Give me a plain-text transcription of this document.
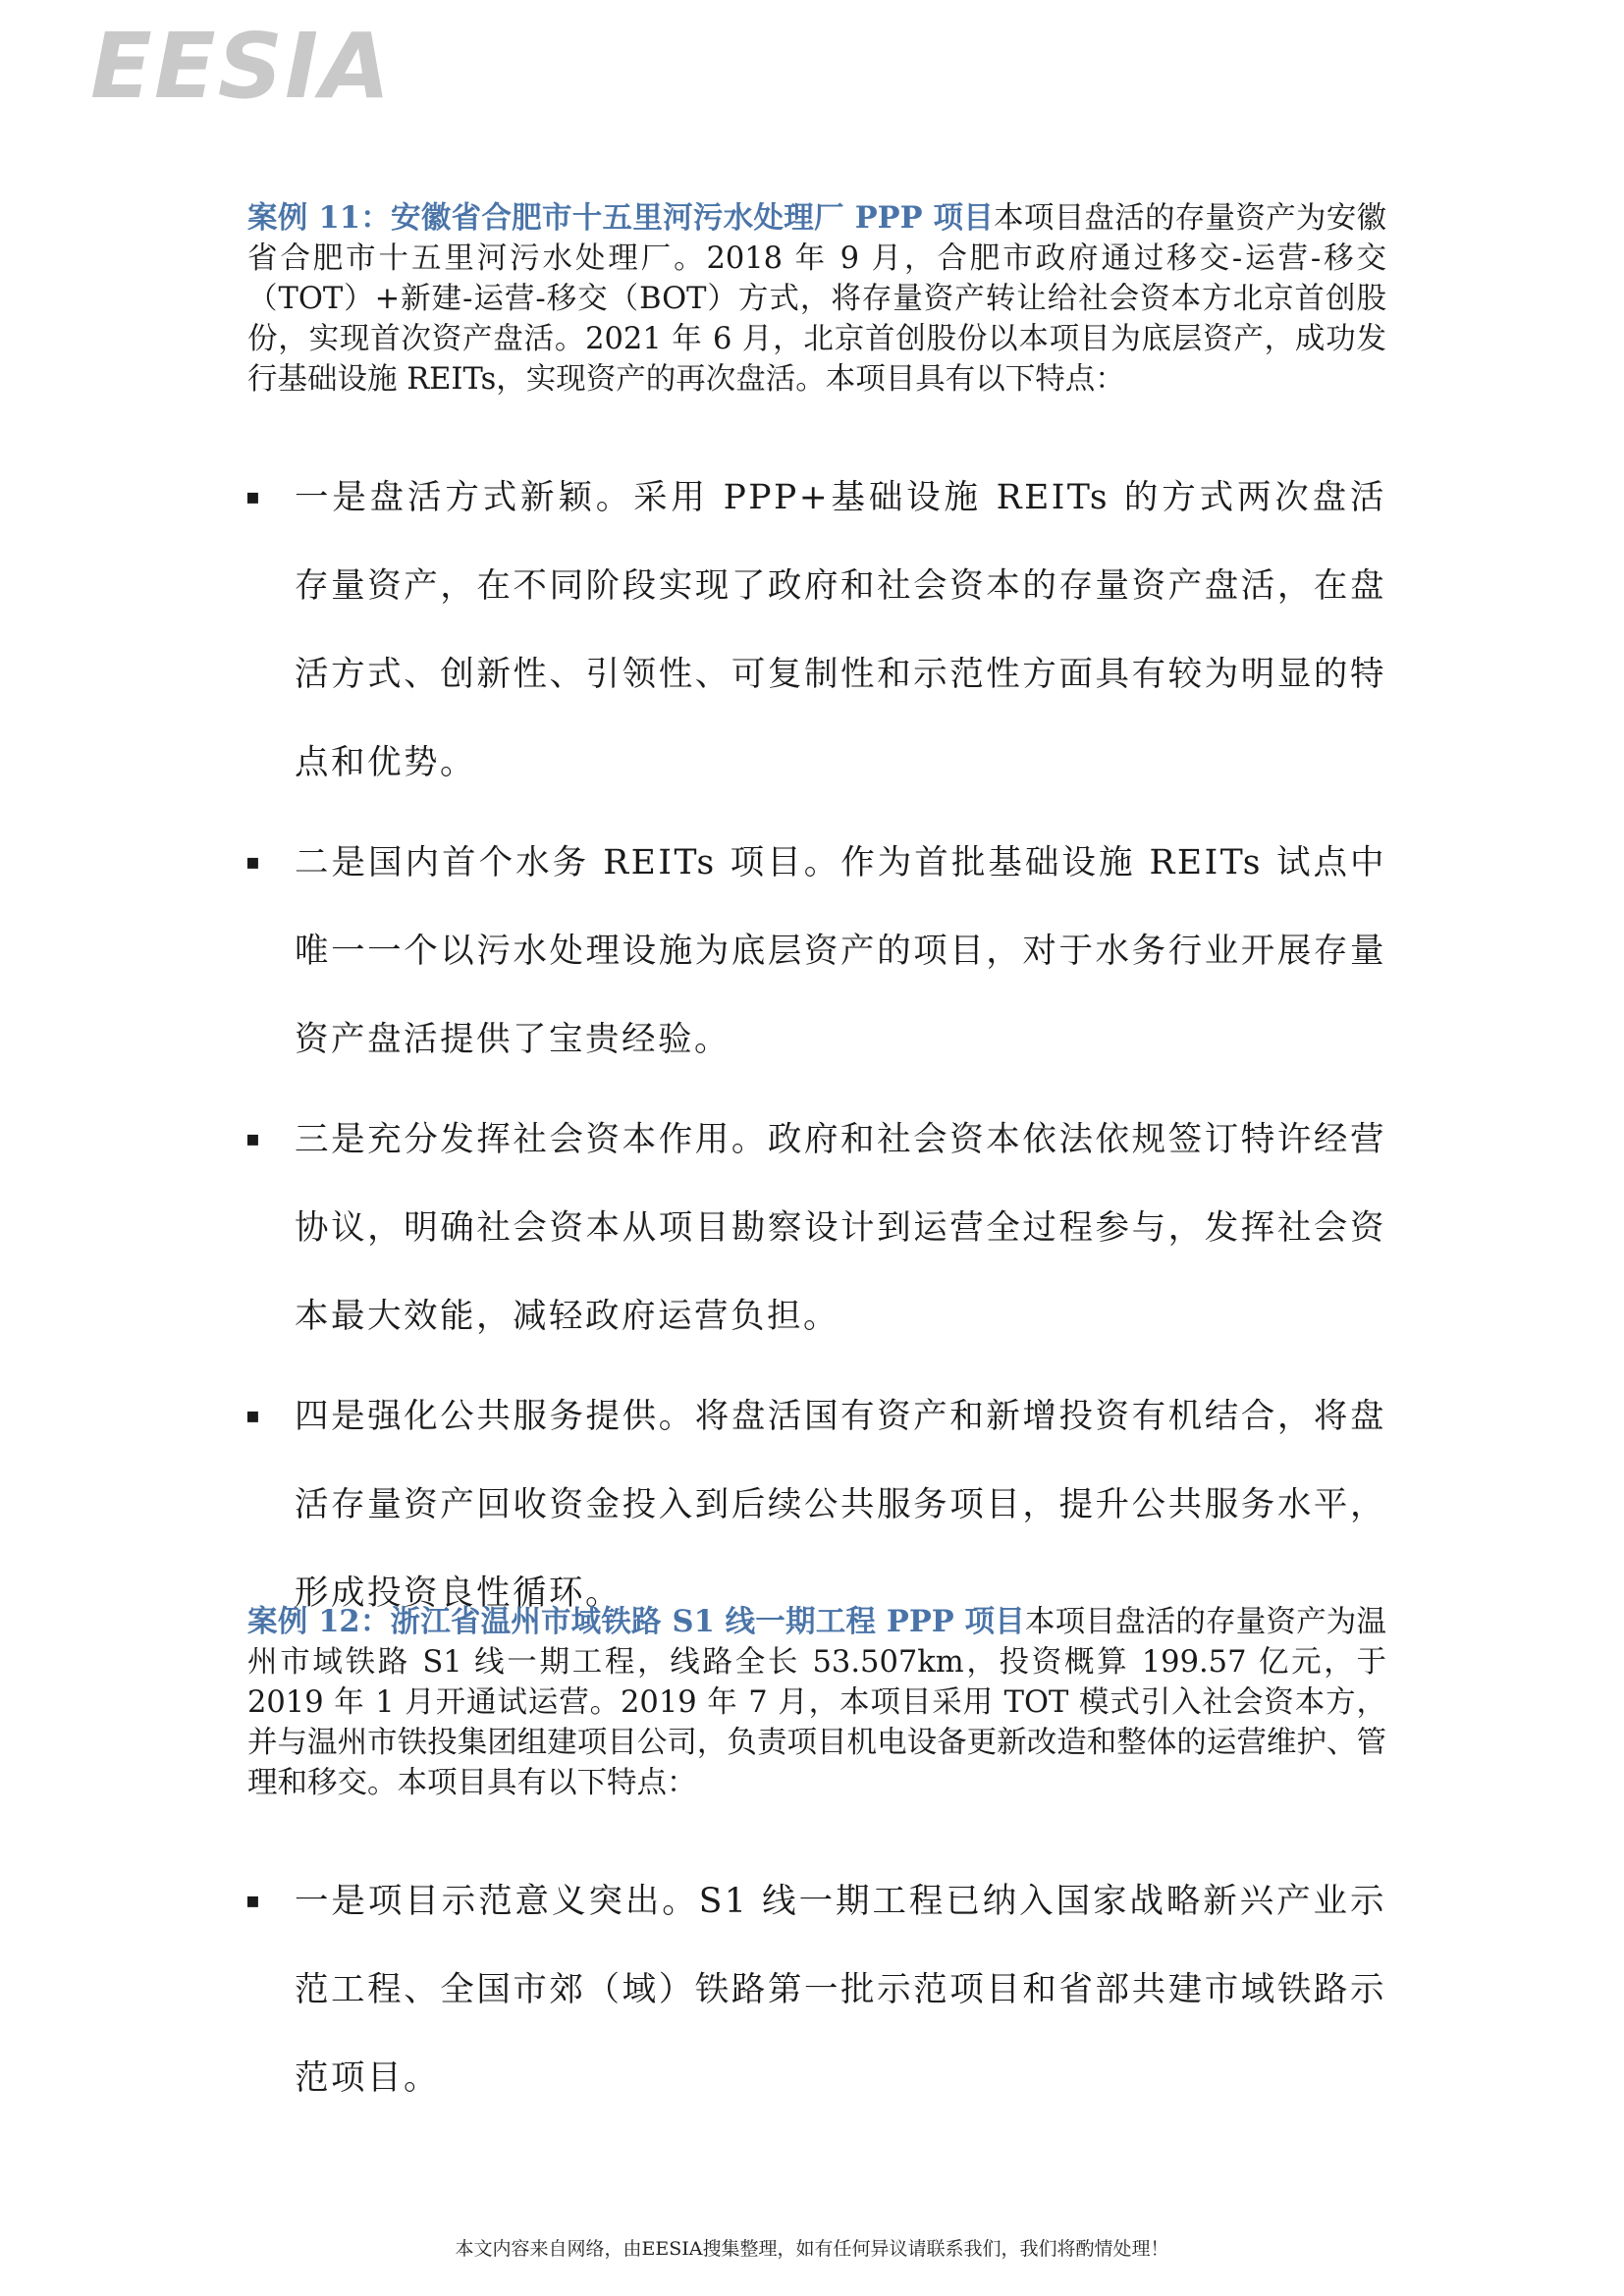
EESIA

案例 11：安徽省合肥市十五里河污水处理厂 PPP 项目本项目盘活的存量资产为安徽省合肥市十五里河污水处理厂。2018 年 9 月，合肥市政府通过移交-运营-移交（TOT）+新建-运营-移交（BOT）方式，将存量资产转让给社会资本方北京首创股份，实现首次资产盘活。2021 年 6 月，北京首创股份以本项目为底层资产，成功发行基础设施 REITs，实现资产的再次盘活。本项目具有以下特点：

▪ 一是盘活方式新颖。采用 PPP+基础设施 REITs 的方式两次盘活存量资产，在不同阶段实现了政府和社会资本的存量资产盘活，在盘活方式、创新性、引领性、可复制性和示范性方面具有较为明显的特点和优势。
▪ 二是国内首个水务 REITs 项目。作为首批基础设施 REITs 试点中唯一一个以污水处理设施为底层资产的项目，对于水务行业开展存量资产盘活提供了宝贵经验。
▪ 三是充分发挥社会资本作用。政府和社会资本依法依规签订特许经营协议，明确社会资本从项目勘察设计到运营全过程参与，发挥社会资本最大效能，减轻政府运营负担。
▪ 四是强化公共服务提供。将盘活国有资产和新增投资有机结合，将盘活存量资产回收资金投入到后续公共服务项目，提升公共服务水平，形成投资良性循环。

案例 12：浙江省温州市域铁路 S1 线一期工程 PPP 项目本项目盘活的存量资产为温州市域铁路 S1 线一期工程，线路全长 53.507km，投资概算 199.57 亿元，于 2019 年 1 月开通试运营。2019 年 7 月，本项目采用 TOT 模式引入社会资本方，并与温州市铁投集团组建项目公司，负责项目机电设备更新改造和整体的运营维护、管理和移交。本项目具有以下特点：

▪ 一是项目示范意义突出。S1 线一期工程已纳入国家战略新兴产业示范工程、全国市郊（域）铁路第一批示范项目和省部共建市域铁路示范项目。
本文内容来自网络，由EESIA搜集整理，如有任何异议请联系我们，我们将酌情处理！
